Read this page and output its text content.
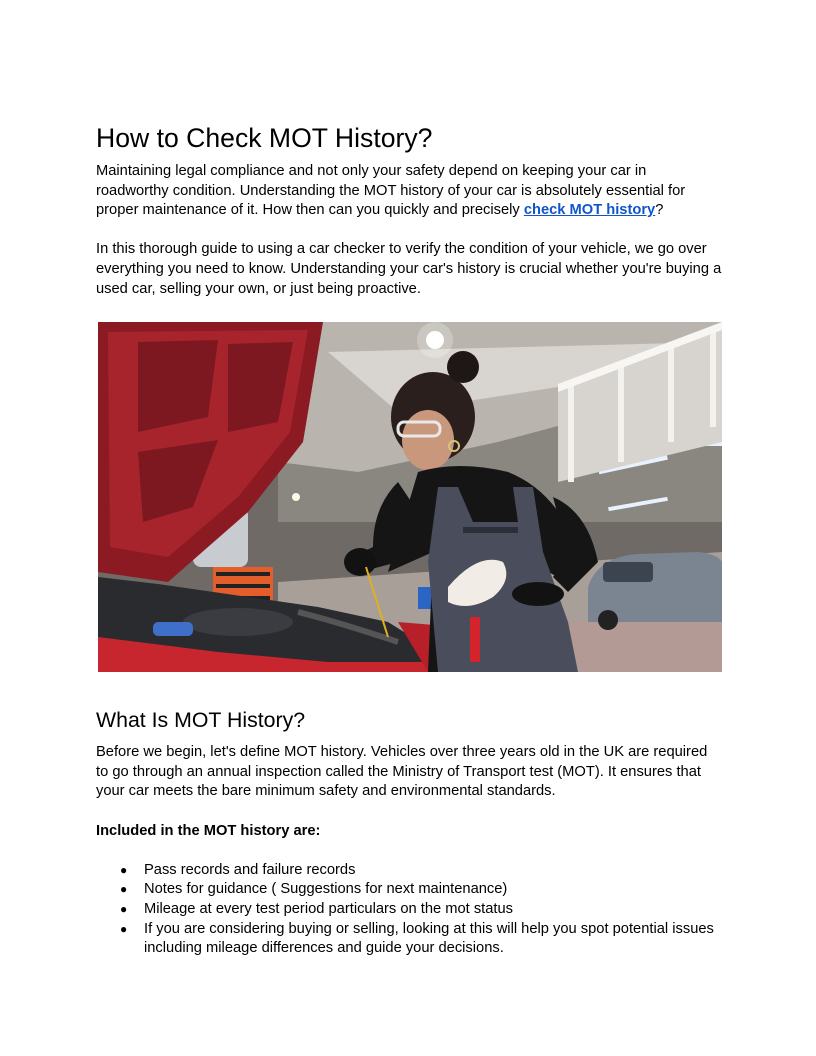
How to Check MOT History?

Maintaining legal compliance and not only your safety depend on keeping your car in roadworthy condition. Understanding the MOT history of your car is absolutely essential for proper maintenance of it. How then can you quickly and precisely check MOT history?

In this thorough guide to using a car checker to verify the condition of your vehicle, we go over everything you need to know. Understanding your car's history is crucial whether you're buying a used car, selling your own, or just being proactive.

What Is MOT History?

Before we begin, let's define MOT history. Vehicles over three years old in the UK are required to go through an annual inspection called the Ministry of Transport test (MOT). It ensures that your car meets the bare minimum safety and environmental standards.

Included in the MOT history are:

● Pass records and failure records
● Notes for guidance ( Suggestions for next maintenance)
● Mileage at every test period particulars on the mot status
● If you are considering buying or selling, looking at this will help you spot potential issues including mileage differences and guide your decisions.
